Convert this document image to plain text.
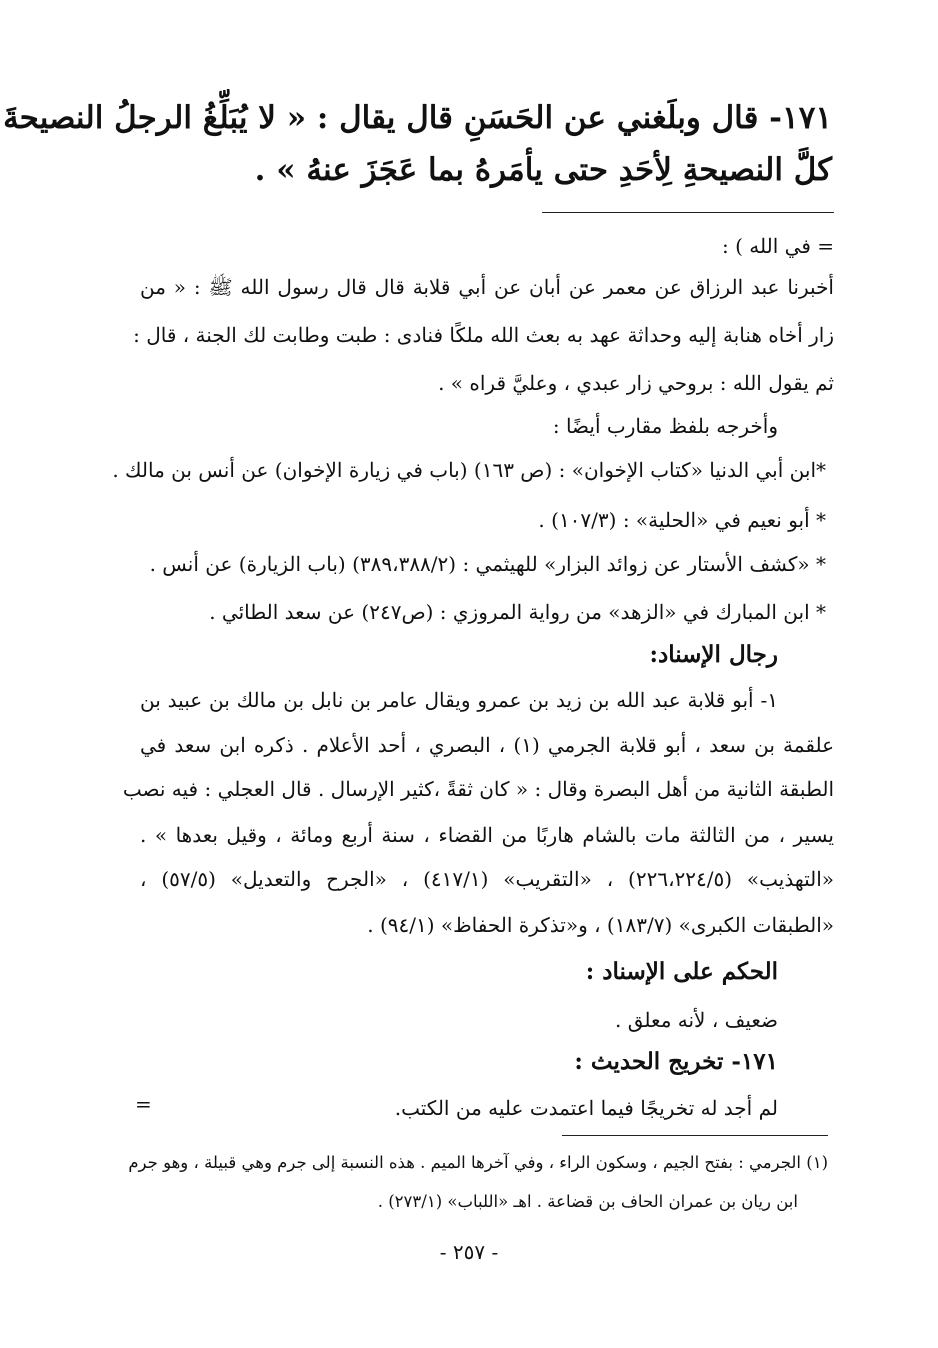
١٧١- قال وبلَغني عن الحَسَنِ قال يقال : « لا يُبَلِّغُ الرجلُ النصيحةَ
كلَّ النصيحةِ لِأحَدِ حتى يأمَرهُ بما عَجَزَ عنهُ » .
= في الله ) :
أخبرنا عبد الرزاق عن معمر عن أبان عن أبي قلابة قال قال رسول الله ﷺ : « من
زار أخاه هنابة إليه وحداثة عهد به بعث الله ملكًا فنادى : طبت وطابت لك الجنة ، قال :
ثم يقول الله : بروحي زار عبدي ، وعليَّ قراه » .
وأخرجه بلفظ مقارب أيضًا :
*ابن أبي الدنيا «كتاب الإخوان» : (ص ١٦٣) (باب في زيارة الإخوان) عن أنس بن مالك .
* أبو نعيم في «الحلية» : (١٠٧/٣) .
* «كشف الأستار عن زوائد البزار» للهيثمي : (٣٨٩،٣٨٨/٢) (باب الزيارة) عن أنس .
* ابن المبارك في «الزهد» من رواية المروزي : (ص٢٤٧) عن سعد الطائي .
رجال الإسناد:
١- أبو قلابة عبد الله بن زيد بن عمرو ويقال عامر بن نابل بن مالك بن عبيد بن
علقمة بن سعد ، أبو قلابة الجرمي (١) ، البصري ، أحد الأعلام . ذكره ابن سعد في
الطبقة الثانية من أهل البصرة وقال : « كان ثقةً ،كثير الإرسال . قال العجلي : فيه نصب
يسير ، من الثالثة مات بالشام هاربًا من القضاء ، سنة أربع ومائة ، وقيل بعدها » .
«التهذيب» (٢٢٦،٢٢٤/٥) ، «التقريب» (٤١٧/١) ، «الجرح والتعديل» (٥٧/٥) ،
«الطبقات الكبرى» (١٨٣/٧) ، و«تذكرة الحفاظ» (٩٤/١) .
الحكم على الإسناد :
ضعيف ، لأنه معلق .
١٧١- تخريج الحديث :
لم أجد له تخريجًا فيما اعتمدت عليه من الكتب.
=
(١) الجرمي : بفتح الجيم ، وسكون الراء ، وفي آخرها الميم . هذه النسبة إلى جرم وهي قبيلة ، وهو جرم
ابن ريان بن عمران الحاف بن قضاعة . اهـ «اللباب» (٢٧٣/١) .
- ٢٥٧ -
